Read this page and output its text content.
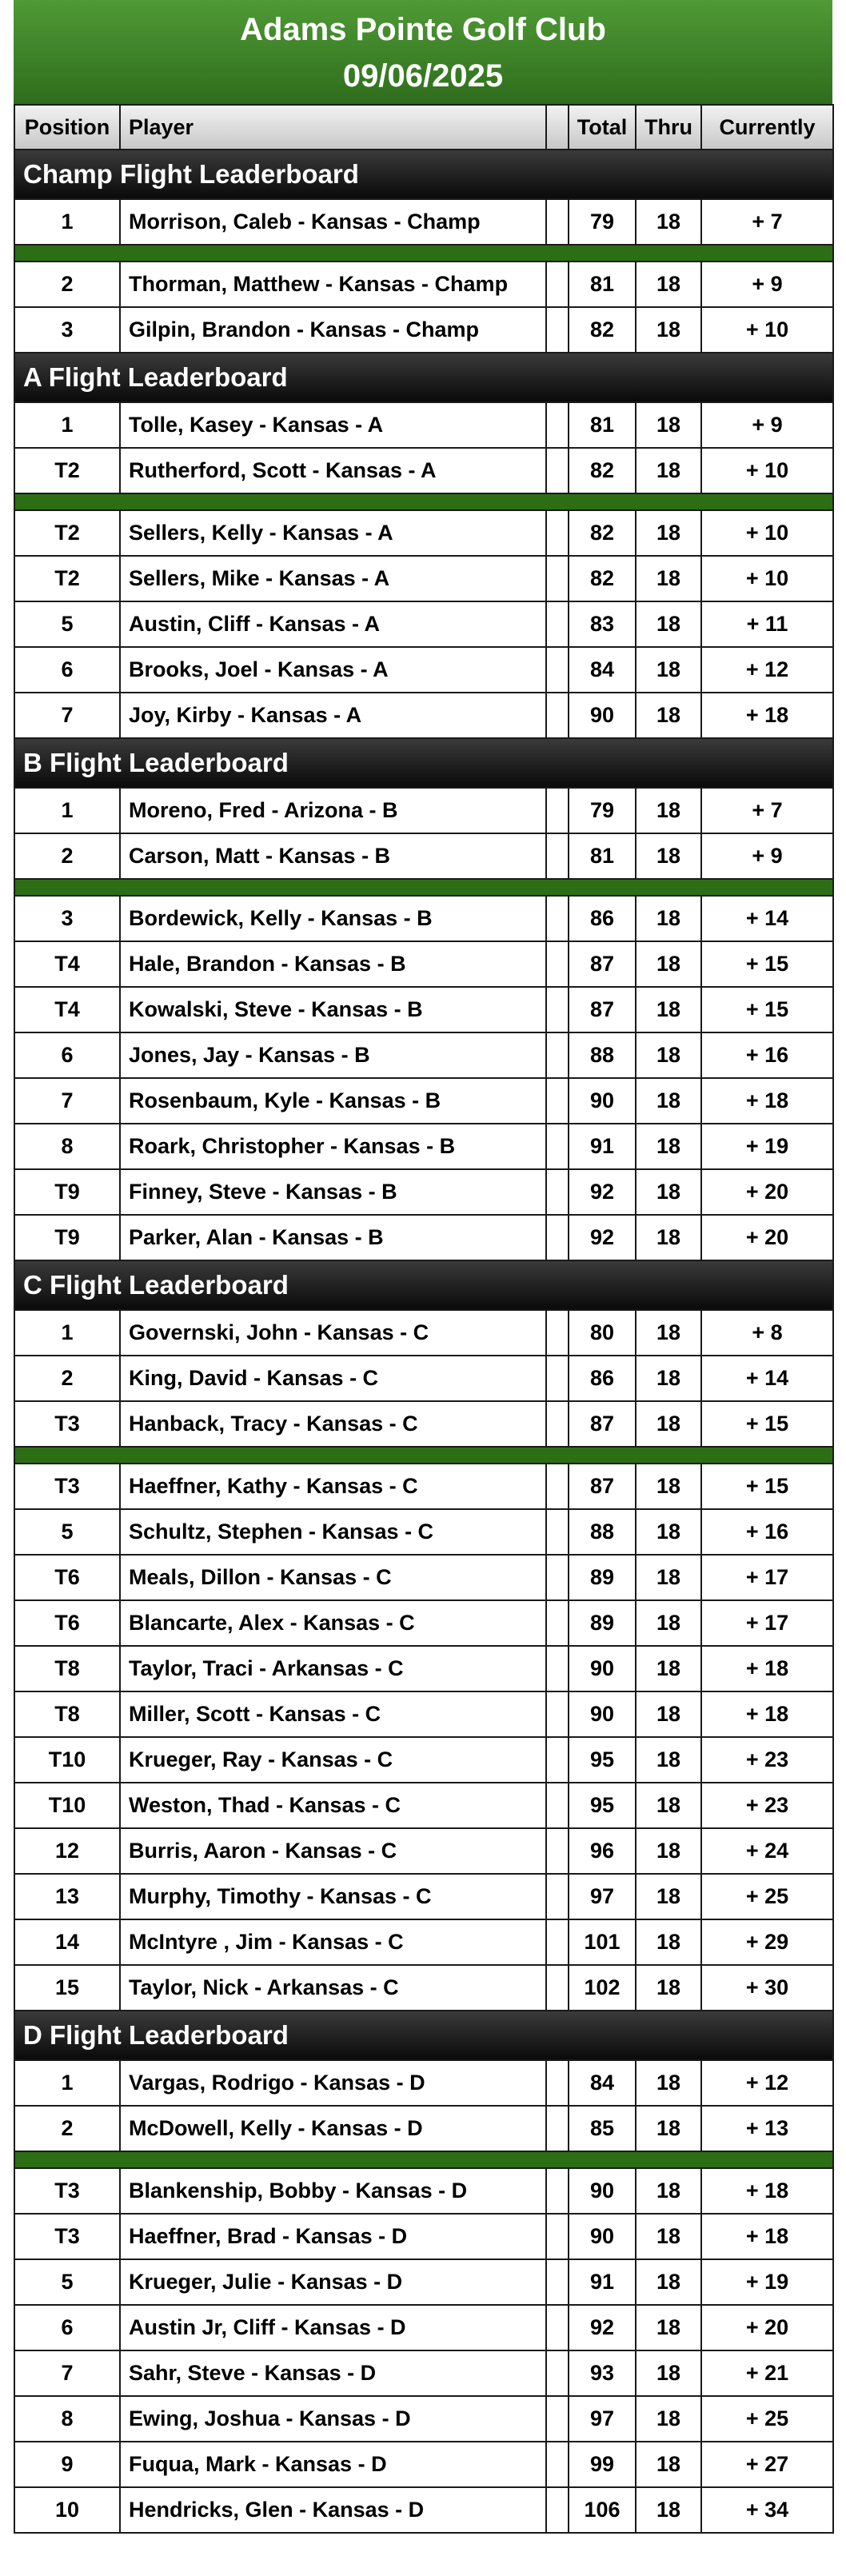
Adams Pointe Golf Club
09/06/2025
Position	Player		Total	Thru	Currently
Champ Flight Leaderboard					
1	Morrison, Caleb - Kansas - Champ		79	18	+ 7

2	Thorman, Matthew - Kansas - Champ		81	18	+ 9
3	Gilpin, Brandon - Kansas - Champ		82	18	+ 10
A Flight Leaderboard					
1	Tolle, Kasey - Kansas - A		81	18	+ 9
T2	Rutherford, Scott - Kansas - A		82	18	+ 10

T2	Sellers, Kelly - Kansas - A		82	18	+ 10
T2	Sellers, Mike - Kansas - A		82	18	+ 10
5	Austin, Cliff - Kansas - A		83	18	+ 11
6	Brooks, Joel - Kansas - A		84	18	+ 12
7	Joy, Kirby - Kansas - A		90	18	+ 18
B Flight Leaderboard					
1	Moreno, Fred - Arizona - B		79	18	+ 7
2	Carson, Matt - Kansas - B		81	18	+ 9

3	Bordewick, Kelly - Kansas - B		86	18	+ 14
T4	Hale, Brandon - Kansas - B		87	18	+ 15
T4	Kowalski, Steve - Kansas - B		87	18	+ 15
6	Jones, Jay - Kansas - B		88	18	+ 16
7	Rosenbaum, Kyle - Kansas - B		90	18	+ 18
8	Roark, Christopher - Kansas - B		91	18	+ 19
T9	Finney, Steve - Kansas - B		92	18	+ 20
T9	Parker, Alan - Kansas - B		92	18	+ 20
C Flight Leaderboard					
1	Governski, John - Kansas - C		80	18	+ 8
2	King, David - Kansas - C		86	18	+ 14
T3	Hanback, Tracy - Kansas - C		87	18	+ 15

T3	Haeffner, Kathy - Kansas - C		87	18	+ 15
5	Schultz, Stephen - Kansas - C		88	18	+ 16
T6	Meals, Dillon - Kansas - C		89	18	+ 17
T6	Blancarte, Alex - Kansas - C		89	18	+ 17
T8	Taylor, Traci - Arkansas - C		90	18	+ 18
T8	Miller, Scott - Kansas - C		90	18	+ 18
T10	Krueger, Ray - Kansas - C		95	18	+ 23
T10	Weston, Thad - Kansas - C		95	18	+ 23
12	Burris, Aaron - Kansas - C		96	18	+ 24
13	Murphy, Timothy - Kansas - C		97	18	+ 25
14	McIntyre , Jim - Kansas - C		101	18	+ 29
15	Taylor, Nick - Arkansas - C		102	18	+ 30
D Flight Leaderboard					
1	Vargas, Rodrigo - Kansas - D		84	18	+ 12
2	McDowell, Kelly - Kansas - D		85	18	+ 13

T3	Blankenship, Bobby - Kansas - D		90	18	+ 18
T3	Haeffner, Brad - Kansas - D		90	18	+ 18
5	Krueger, Julie - Kansas - D		91	18	+ 19
6	Austin Jr, Cliff - Kansas - D		92	18	+ 20
7	Sahr, Steve - Kansas - D		93	18	+ 21
8	Ewing, Joshua - Kansas - D		97	18	+ 25
9	Fuqua, Mark - Kansas - D		99	18	+ 27
10	Hendricks, Glen - Kansas - D		106	18	+ 34
